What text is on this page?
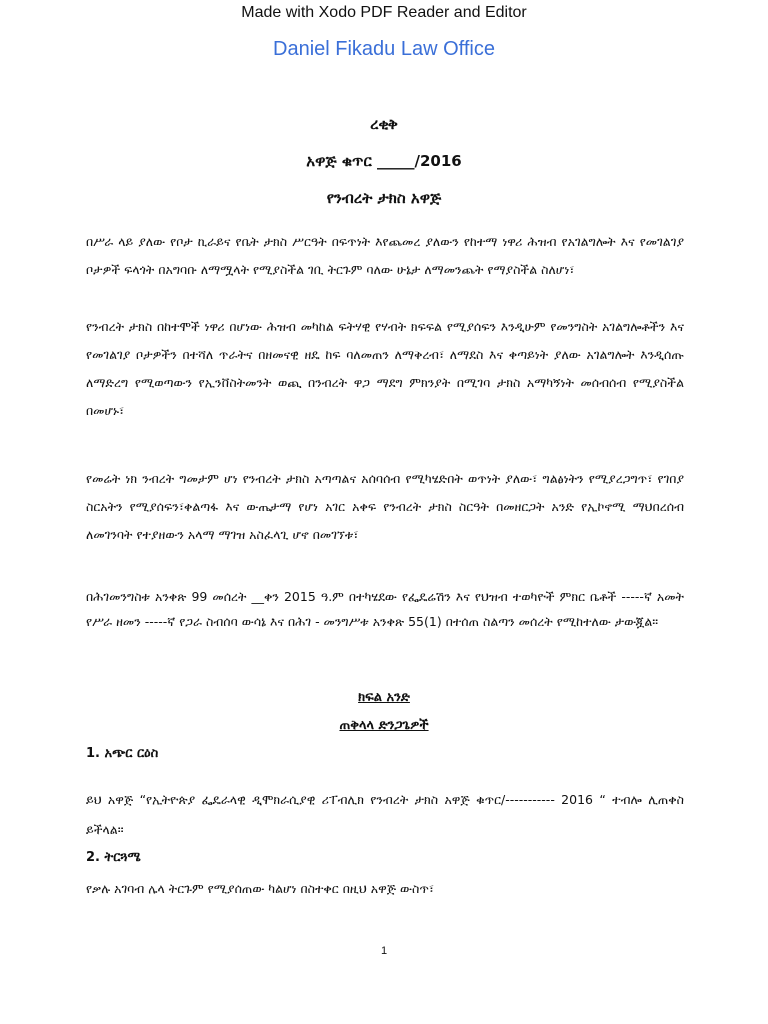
Made with Xodo PDF Reader and Editor
Daniel Fikadu Law Office
ረቂቅ
አዋጅ ቁጥር _____/2016
የንብረት ታክስ አዋጅ

በሥራ ላይ ያለው የቦታ ኪራይና የቤት ታክስ ሥርዓት በፍጥነት እየጨመረ ያለውን የከተማ ነዋሪ ሕዝብ የአገልግሎት እና የመገልገያ ቦታዎች ፍላጎት በአግባቡ ለማሟላት የሚያስችል ገቢ ትርጉም ባለው ሁኔታ ለማመንጨት የማያስችል ስለሆነ፣

የንብረት ታክስ በከተሞች ነዋሪ በሆነው ሕዝብ መካከል ፍትሃዊ የሃብት ክፍፍል የሚያሰፍን እንዲሁም የመንግስት አገልግሎቶችን እና የመገልገያ ቦታዎችን በተሻለ ጥራትና በዘመናዊ ዘዴ ከፍ ባለመጠን ለማቅረብ፣ ለማደስ እና ቀጣይነት ያለው አገልግሎት እንዲሰጡ ለማድረግ የሚወጣውን የኢንቨስትመንት ወጪ በንብረት ዋጋ ማደግ ምክንያት በሚገባ ታክስ አማካኝነት መሰብሰብ የሚያስችል በመሆኑ፣

የመሬት ነክ ንብረት ግመታም ሆነ የንብረት ታክስ አጣጣልና አሰባሰብ የሚካሄድበት ወጥነት ያለው፣ ግልፅነትን የሚያረጋግጥ፣ የገበያ ስርአትን የሚያሰፍን፣ቀልጣፋ እና ውጤታማ የሆነ አገር አቀፍ የንብረት ታክስ ስርዓት በመዘርጋት አንድ የኢኮኖሚ ማህበረሰብ ለመገንባት የተያዘውን አላማ ማገዝ አስፈላጊ ሆኖ በመገኘቱ፣

በሕገመንግስቱ አንቀጽ 99 መሰረት __ቀን 2015 ዓ.ም በተካሄደው የፌዴሬሽን እና የህዝብ ተወካዮች ምክር ቤቶች -----ኛ አመት የሥራ ዘመን -----ኛ የጋራ ስብሰባ ውሳኔ እና በሕገ - መንግሥቱ አንቀጽ 55(1) በተሰጠ ስልጣን መሰረት የሚከተለው ታውጇል።

ክፍል አንድ
ጠቅላላ ድንጋጌዎች
1. አጭር ርዕስ

ይህ አዋጅ “የኢትዮጵያ ፌዴራላዊ ዲሞክራሲያዊ ሪፐብሊክ የንብረት ታክስ አዋጅ ቁጥር/----------- 2016 “ ተብሎ ሊጠቀስ ይችላል።

2. ትርጓሜ

የቃሉ አገባብ ሌላ ትርጉም የሚያሰጠው ካልሆነ በስተቀር በዚህ አዋጅ ውስጥ፣

1
